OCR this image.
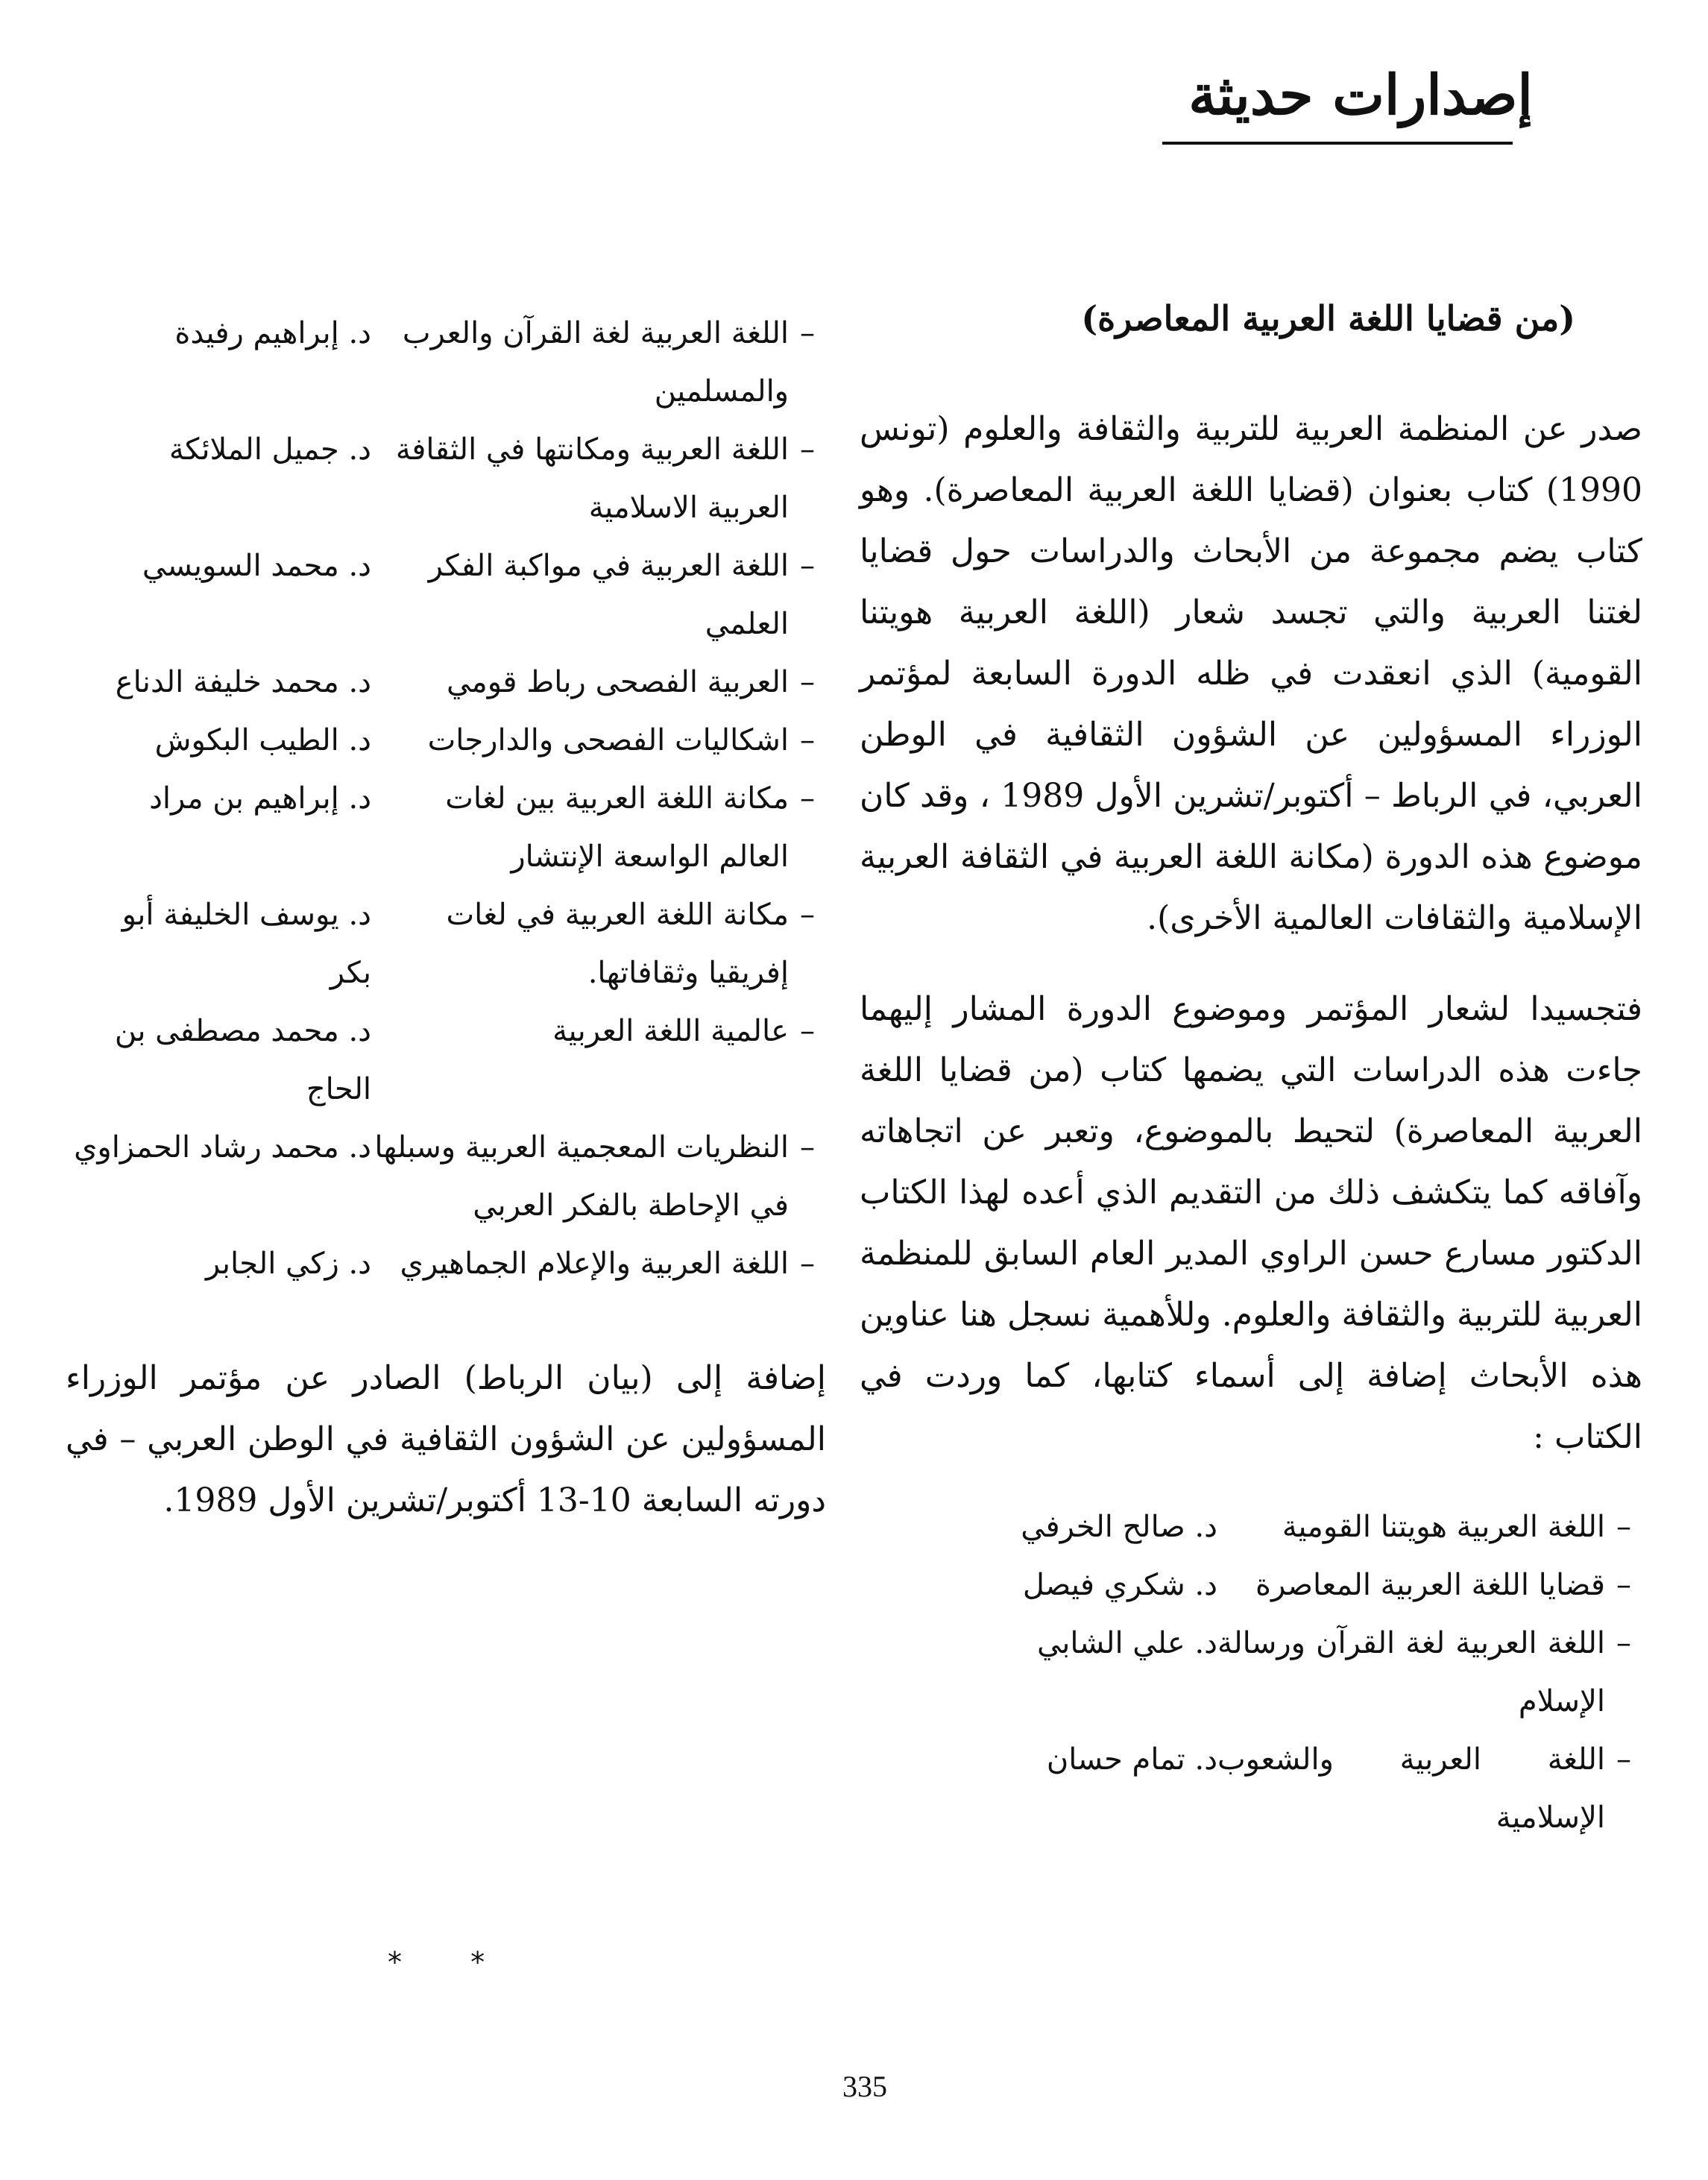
إصدارات حديثة
(من قضايا اللغة العربية المعاصرة)

صدر عن المنظمة العربية للتربية والثقافة والعلوم (تونس 1990) كتاب بعنوان (قضايا اللغة العربية المعاصرة). وهو كتاب يضم مجموعة من الأبحاث والدراسات حول قضايا لغتنا العربية والتي تجسد شعار (اللغة العربية هويتنا القومية) الذي انعقدت في ظله الدورة السابعة لمؤتمر الوزراء المسؤولين عن الشؤون الثقافية في الوطن العربي، في الرباط – أكتوبر/تشرين الأول 1989 ، وقد كان موضوع هذه الدورة (مكانة اللغة العربية في الثقافة العربية الإسلامية والثقافات العالمية الأخرى).

فتجسيدا لشعار المؤتمر وموضوع الدورة المشار إليهما جاءت هذه الدراسات التي يضمها كتاب (من قضايا اللغة العربية المعاصرة) لتحيط بالموضوع، وتعبر عن اتجاهاته وآفاقه كما يتكشف ذلك من التقديم الذي أعده لهذا الكتاب الدكتور مسارع حسن الراوي المدير العام السابق للمنظمة العربية للتربية والثقافة والعلوم. وللأهمية نسجل هنا عناوين هذه الأبحاث إضافة إلى أسماء كتابها، كما وردت في الكتاب :

–
اللغة العربية هويتنا القومية
د. صالح الخرفي
–
قضايا اللغة العربية المعاصرة
د. شكري فيصل
–
اللغة العربية لغة القرآن ورسالة الإسلام
د. علي الشابي
–
اللغة العربية والشعوب الإسلامية
د. تمام حسان
–
اللغة العربية لغة القرآن والعرب والمسلمين
د. إبراهيم رفيدة
–
اللغة العربية ومكانتها في الثقافة العربية الاسلامية
د. جميل الملائكة
–
اللغة العربية في مواكبة الفكر العلمي
د. محمد السويسي
–
العربية الفصحى رباط قومي
د. محمد خليفة الدناع
–
اشكاليات الفصحى والدارجات
د. الطيب البكوش
–
مكانة اللغة العربية بين لغات العالم الواسعة الإنتشار
د. إبراهيم بن مراد
–
مكانة اللغة العربية في لغات إفريقيا وثقافاتها.
د. يوسف الخليفة أبو بكر
–
عالمية اللغة العربية
د. محمد مصطفى بن الحاج
–
النظريات المعجمية العربية وسبلها في الإحاطة بالفكر العربي
د. محمد رشاد الحمزاوي
–
اللغة العربية والإعلام الجماهيري
د. زكي الجابر

إضافة إلى (بيان الرباط) الصادر عن مؤتمر الوزراء المسؤولين عن الشؤون الثقافية في الوطن العربي – في دورته السابعة 10-13 أكتوبر/تشرين الأول 1989.

* *
335
